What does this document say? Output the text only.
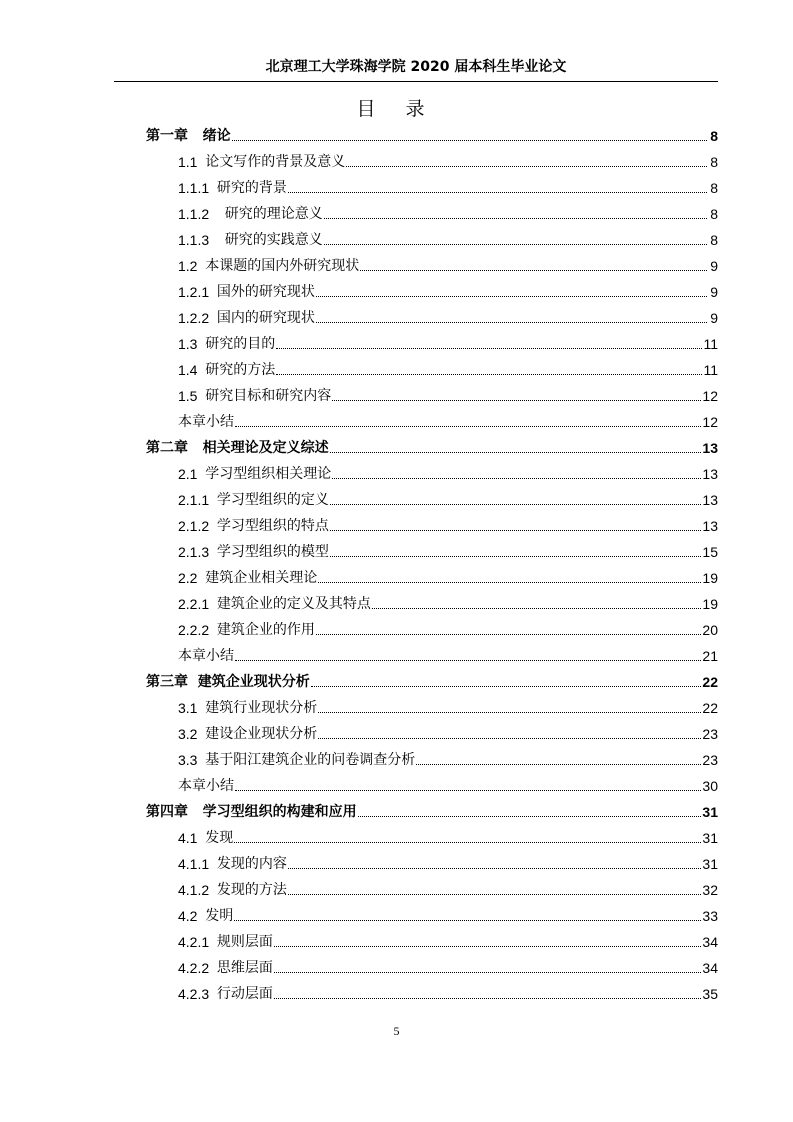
北京理工大学珠海学院 2020 届本科生毕业论文
目 录
第一章 绪论	8
1.1 论文写作的背景及意义	8
1.1.1 研究的背景	8
1.1.2 研究的理论意义	8
1.1.3 研究的实践意义	8
1.2 本课题的国内外研究现状	9
1.2.1 国外的研究现状	9
1.2.2 国内的研究现状	9
1.3 研究的目的	11
1.4 研究的方法	11
1.5 研究目标和研究内容	12
本章小结	12
第二章 相关理论及定义综述	13
2.1 学习型组织相关理论	13
2.1.1 学习型组织的定义	13
2.1.2 学习型组织的特点	13
2.1.3 学习型组织的模型	15
2.2 建筑企业相关理论	19
2.2.1 建筑企业的定义及其特点	19
2.2.2 建筑企业的作用	20
本章小结	21
第三章 建筑企业现状分析	22
3.1 建筑行业现状分析	22
3.2 建设企业现状分析	23
3.3 基于阳江建筑企业的问卷调查分析	23
本章小结	30
第四章 学习型组织的构建和应用	31
4.1 发现	31
4.1.1 发现的内容	31
4.1.2 发现的方法	32
4.2 发明	33
4.2.1 规则层面	34
4.2.2 思维层面	34
4.2.3 行动层面	35
5
